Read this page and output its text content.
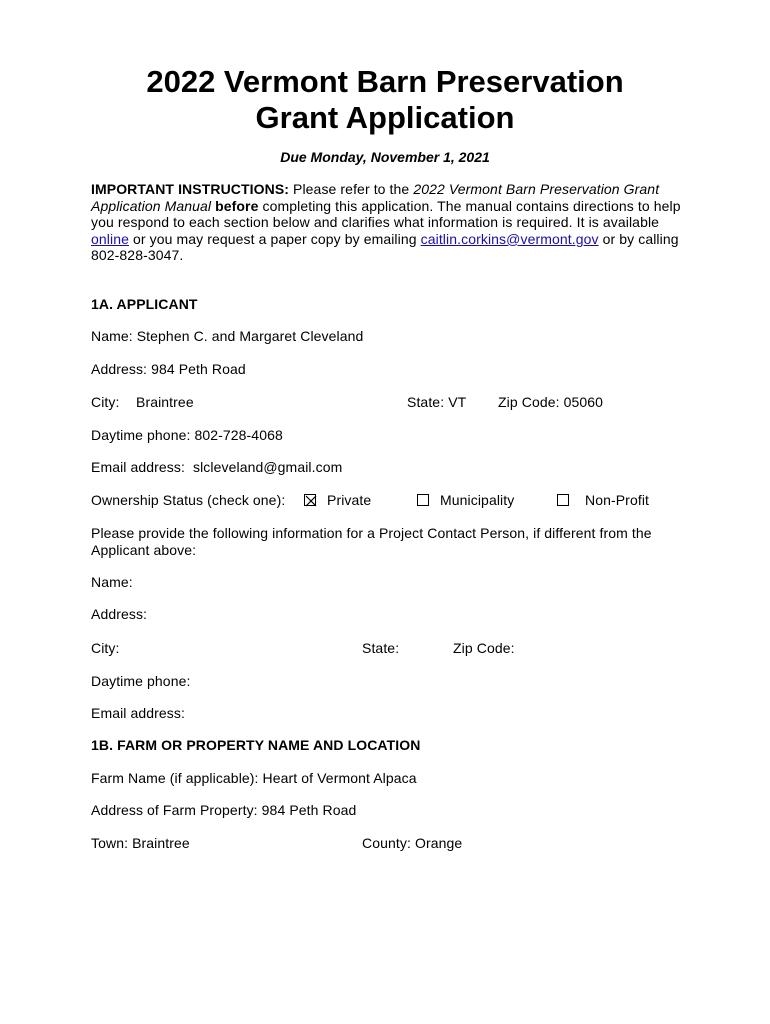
2022 Vermont Barn Preservation
Grant Application
Due Monday, November 1, 2021
IMPORTANT INSTRUCTIONS: Please refer to the 2022 Vermont Barn Preservation Grant Application Manual before completing this application. The manual contains directions to help you respond to each section below and clarifies what information is required. It is available online or you may request a paper copy by emailing caitlin.corkins@vermont.gov or by calling 802-828-3047.
1A. APPLICANT
Name: Stephen C. and Margaret Cleveland
Address: 984 Peth Road
City: Braintree	State: VT Zip Code: 05060
Daytime phone: 802-728-4068
Email address: slcleveland@gmail.com
Ownership Status (check one):	Private	Municipality	Non-Profit
Please provide the following information for a Project Contact Person, if different from the Applicant above:
Name:
Address:
City:	State:	Zip Code:
Daytime phone:
Email address:
1B. FARM OR PROPERTY NAME AND LOCATION
Farm Name (if applicable): Heart of Vermont Alpaca
Address of Farm Property: 984 Peth Road
Town: Braintree	County: Orange
